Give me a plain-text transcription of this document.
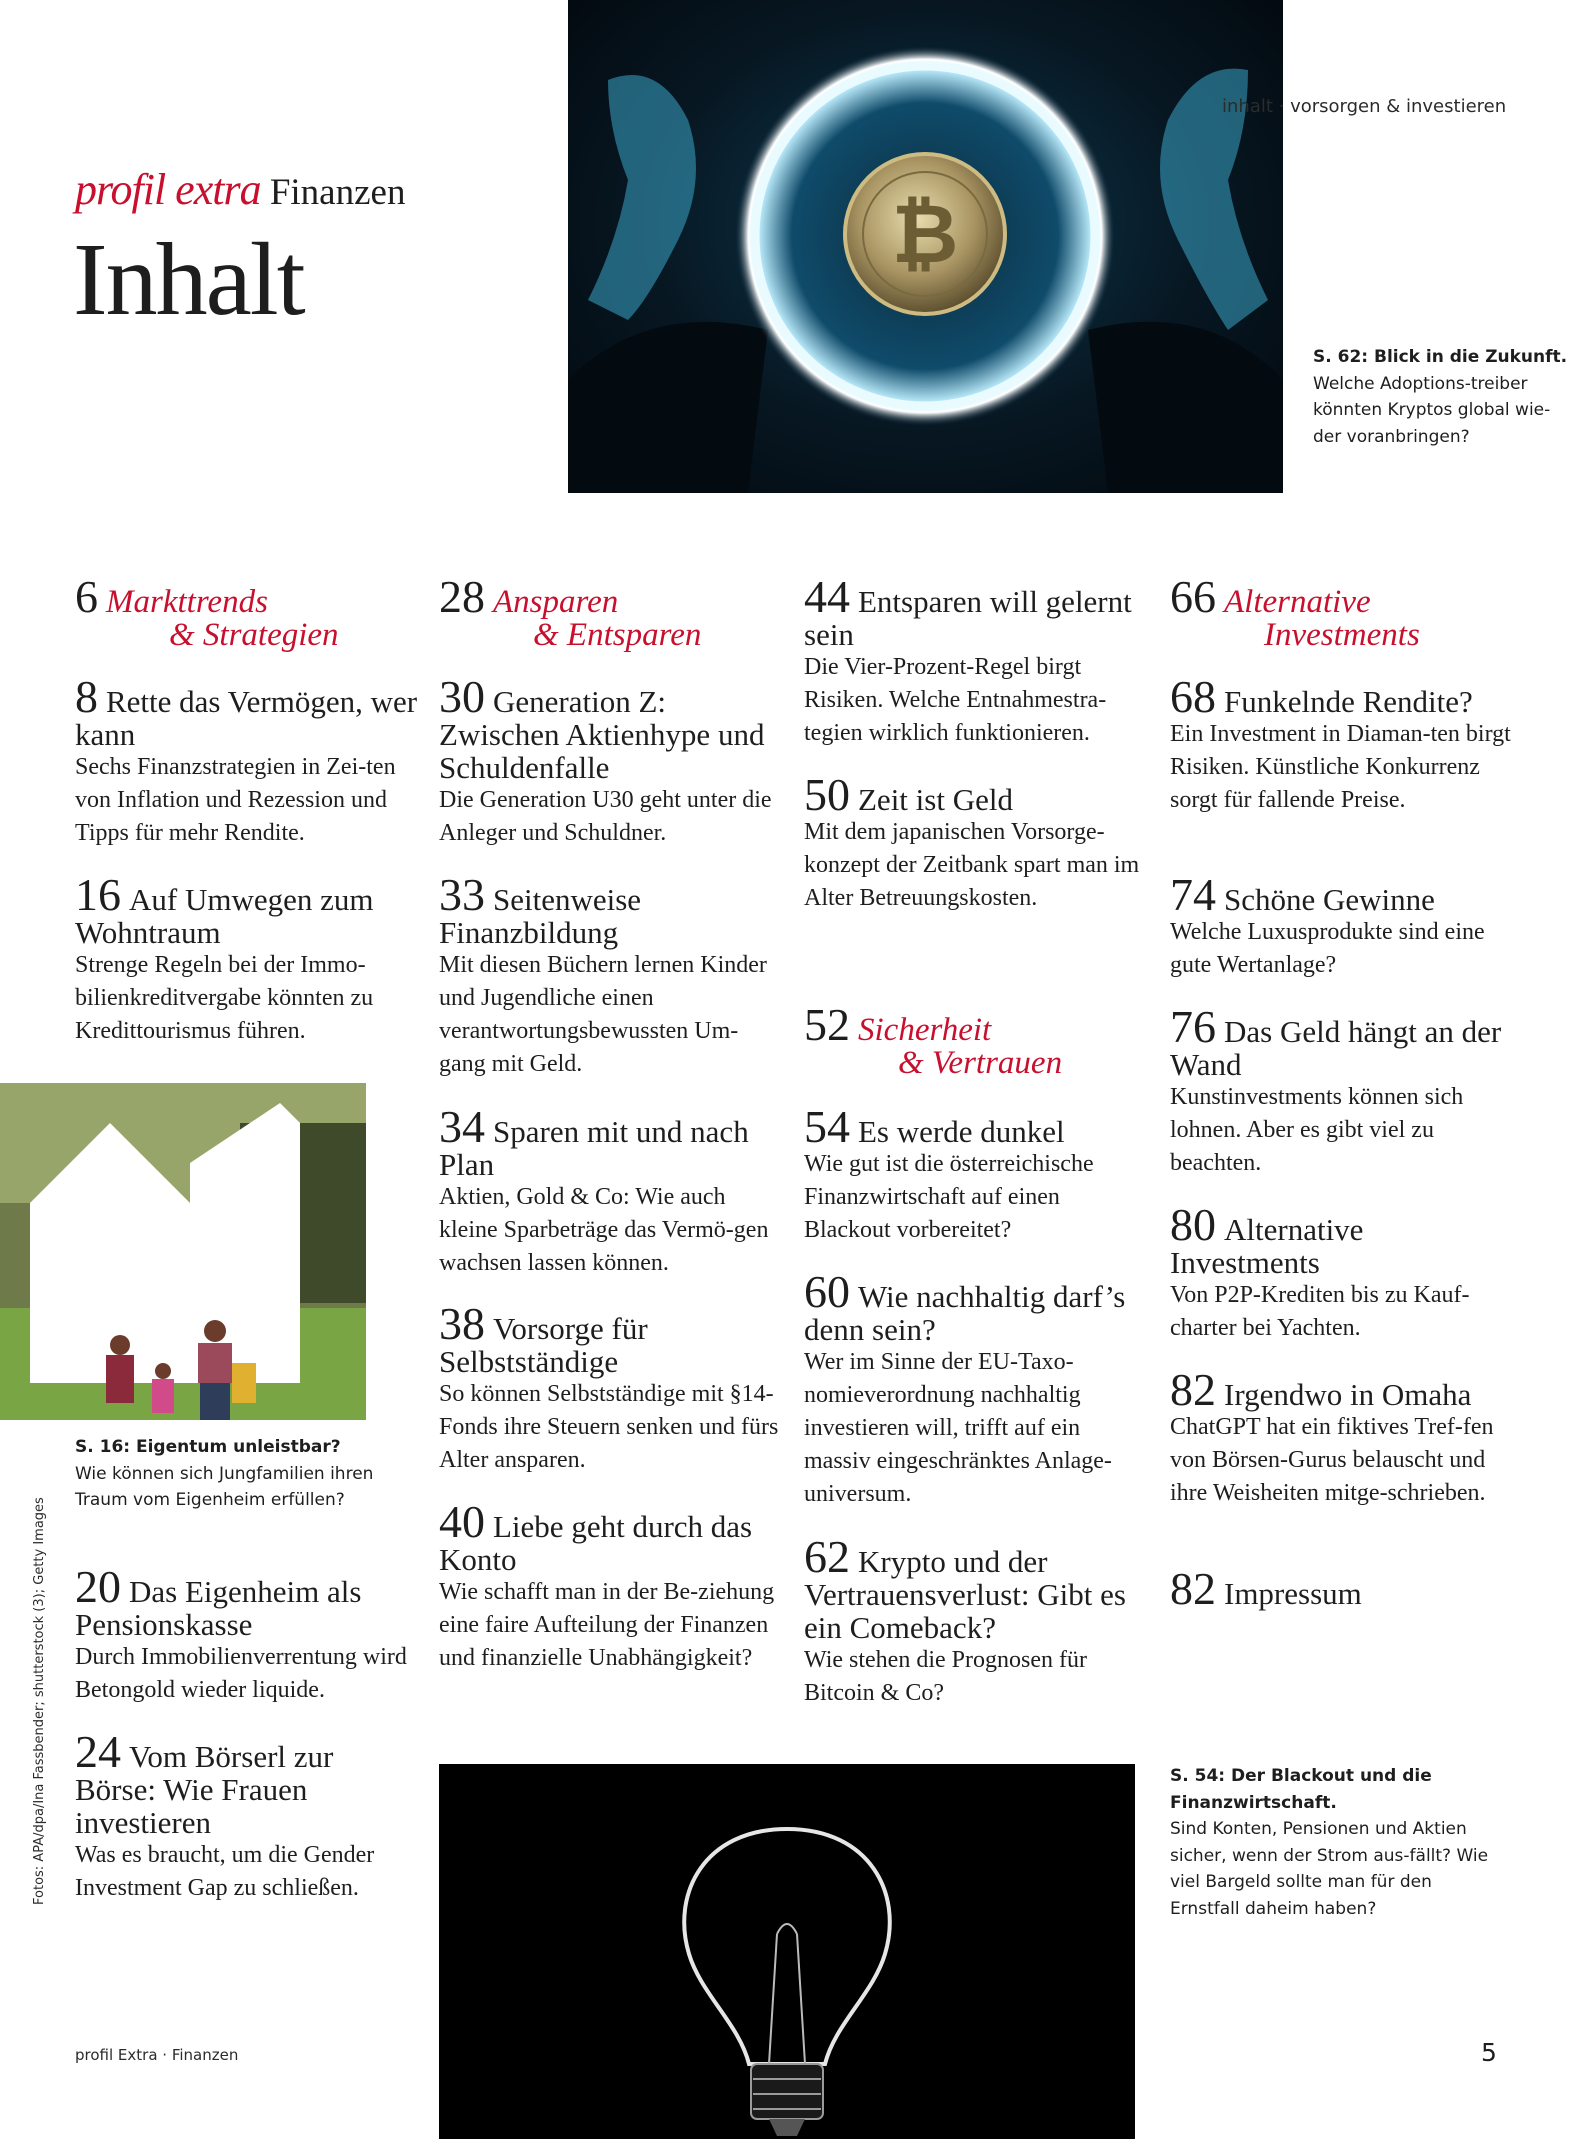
profil extra Finanzen
Inhalt	₿
inhalt · vorsorgen & investieren
S. 62: Blick in die Zukunft.
Welche Adoptions-treiber könnten Kryptos global wie-der voranbringen?
S. 16: Eigentum unleistbar?
Wie können sich Jungfamilien ihren Traum vom Eigenheim erfüllen?
Fotos: APA/dpa/Ina Fassbender; shutterstock (3); Getty Images
6 Markttrends
& Strategien
8 Rette das Vermögen, wer kann
Sechs Finanzstrategien in Zei-ten von Inflation und Rezession und Tipps für mehr Rendite.
16 Auf Umwegen zum Wohntraum
Strenge Regeln bei der Immo-bilienkreditvergabe könnten zu Kredittourismus führen.
20 Das Eigenheim als Pensionskasse
Durch Immobilienverrentung wird Betongold wieder liquide.
24 Vom Börserl zur Börse: Wie Frauen investieren
Was es braucht, um die Gender Investment Gap zu schließen.
28 Ansparen
& Entsparen
30 Generation Z: Zwischen Aktienhype und Schuldenfalle
Die Generation U30 geht unter die Anleger und Schuldner.
33 Seitenweise Finanzbildung
Mit diesen Büchern lernen Kinder und Jugendliche einen verantwortungsbewussten Um-gang mit Geld.
34 Sparen mit und nach Plan
Aktien, Gold & Co: Wie auch kleine Sparbeträge das Vermö-gen wachsen lassen können.
38 Vorsorge für Selbstständige
So können Selbstständige mit §14-Fonds ihre Steuern senken und fürs Alter ansparen.
40 Liebe geht durch das Konto
Wie schafft man in der Be-ziehung eine faire Aufteilung der Finanzen und finanzielle Unabhängigkeit?
44 Entsparen will gelernt sein
Die Vier-Prozent-Regel birgt Risiken. Welche Entnahmestra-tegien wirklich funktionieren.
50 Zeit ist Geld
Mit dem japanischen Vorsorge-konzept der Zeitbank spart man im Alter Betreuungskosten.
52 Sicherheit
& Vertrauen
54 Es werde dunkel
Wie gut ist die österreichische Finanzwirtschaft auf einen Blackout vorbereitet?
60 Wie nachhaltig darf’s denn sein?
Wer im Sinne der EU-Taxo-nomieverordnung nachhaltig investieren will, trifft auf ein massiv eingeschränktes Anlage-universum.
62 Krypto und der Vertrauensverlust: Gibt es ein Comeback?
Wie stehen die Prognosen für Bitcoin & Co?
66 Alternative
Investments
68 Funkelnde Rendite?
Ein Investment in Diaman-ten birgt Risiken. Künstliche Konkurrenz sorgt für fallende Preise.
74 Schöne Gewinne
Welche Luxusprodukte sind eine gute Wertanlage?
76 Das Geld hängt an der Wand
Kunstinvestments können sich lohnen. Aber es gibt viel zu beachten.
80 Alternative Investments
Von P2P-Krediten bis zu Kauf-charter bei Yachten.
82 Irgendwo in Omaha
ChatGPT hat ein fiktives Tref-fen von Börsen-Gurus belauscht und ihre Weisheiten mitge-schrieben.
82 Impressum
S. 54: Der Blackout und die Finanzwirtschaft.
Sind Konten, Pensionen und Aktien sicher, wenn der Strom aus-fällt? Wie viel Bargeld sollte man für den Ernstfall daheim haben?
profil Extra · Finanzen	5
